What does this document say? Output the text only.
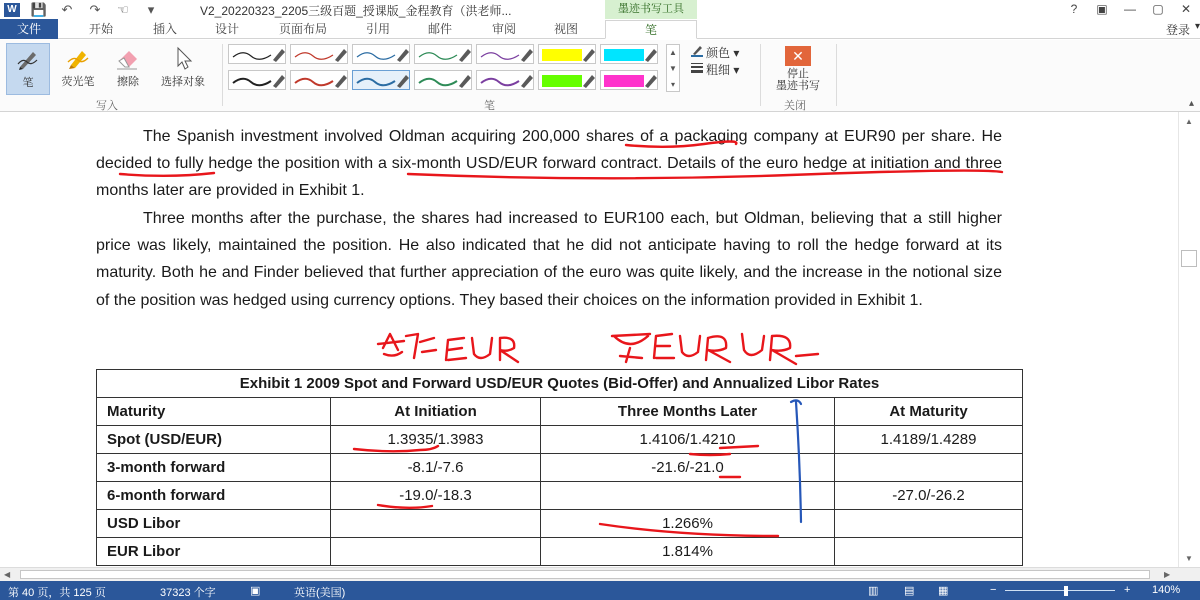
W 💾 ↶ ↷ ☜	▾	V2_20220323_2205三级百题_授课版_金程教育（洪老师...	墨迹书写工具	?	▣	—	▢	✕
文件	开始	插入	设计	页面布局	引用	邮件	审阅	视图	笔	登录 ▾
笔	荧光笔	擦除	选择对象
写入
▲
▼
▾
颜色 ▾
粗细 ▾
笔
✕
停止
墨迹书写
关闭	▴

The Spanish investment involved Oldman acquiring 200,000 shares of a packaging company at EUR90 per share. He decided to fully hedge the position with a six-month USD/EUR forward contract. Details of the euro hedge at initiation and three months later are provided in Exhibit 1.

Three months after the purchase, the shares had increased to EUR100 each, but Oldman, believing that a still higher price was likely, maintained the position. He also indicated that he did not anticipate having to roll the hedge forward at its maturity. Both he and Finder believed that further appreciation of the euro was quite likely, and the increase in the notional size of the position was hedged using currency options. They based their choices on the information provided in Exhibit 1.

Exhibit 1 2009 Spot and Forward USD/EUR Quotes (Bid-Offer) and Annualized Libor Rates			
Maturity	At Initiation	Three Months Later	At Maturity
Spot (USD/EUR)	1.3935/1.3983	1.4106/1.4210	1.4189/1.4289
3-month forward	-8.1/-7.6	-21.6/-21.0	
6-month forward	-19.0/-18.3		-27.0/-26.2
USD Libor		1.266%	
EUR Libor		1.814%	
▲
▼
◀	▶
第 40 页，共 125 页	37323 个字	▣	英语(美国)	▥ ▤ ▦	−	+ 140%
